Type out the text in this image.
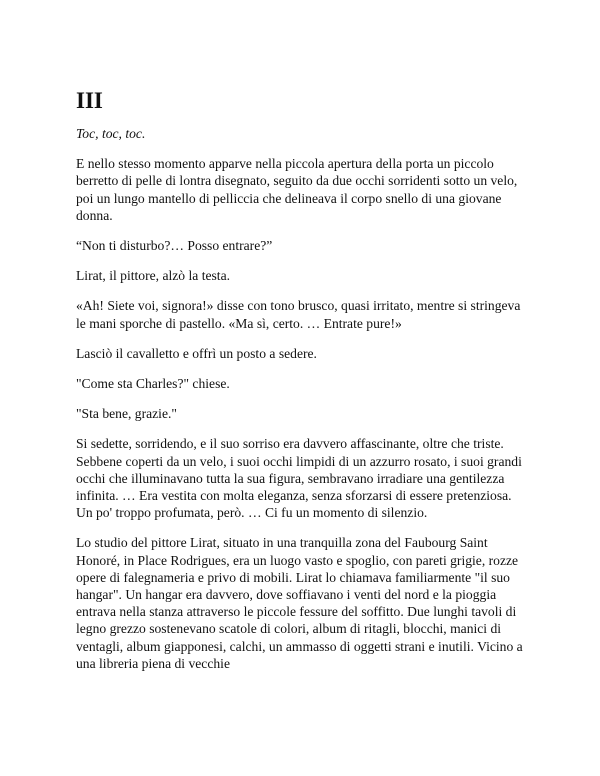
III

Toc, toc, toc.

E nello stesso momento apparve nella piccola apertura della porta un piccolo berretto di pelle di lontra disegnato, seguito da due occhi sorridenti sotto un velo, poi un lungo mantello di pelliccia che delineava il corpo snello di una giovane donna.

“Non ti disturbo?… Posso entrare?”

Lirat, il pittore, alzò la testa.

«Ah! Siete voi, signora!» disse con tono brusco, quasi irritato, mentre si stringeva le mani sporche di pastello. «Ma sì, certo. … Entrate pure!»

Lasciò il cavalletto e offrì un posto a sedere.

"Come sta Charles?" chiese.

"Sta bene, grazie."

Si sedette, sorridendo, e il suo sorriso era davvero affascinante, oltre che triste. Sebbene coperti da un velo, i suoi occhi limpidi di un azzurro rosato, i suoi grandi occhi che illuminavano tutta la sua figura, sembravano irradiare una gentilezza infinita. … Era vestita con molta eleganza, senza sforzarsi di essere pretenziosa. Un po' troppo profumata, però. … Ci fu un momento di silenzio.

Lo studio del pittore Lirat, situato in una tranquilla zona del Faubourg Saint Honoré, in Place Rodrigues, era un luogo vasto e spoglio, con pareti grigie, rozze opere di falegnameria e privo di mobili. Lirat lo chiamava familiarmente "il suo hangar". Un hangar era davvero, dove soffiavano i venti del nord e la pioggia entrava nella stanza attraverso le piccole fessure del soffitto. Due lunghi tavoli di legno grezzo sostenevano scatole di colori, album di ritagli, blocchi, manici di ventagli, album giapponesi, calchi, un ammasso di oggetti strani e inutili. Vicino a una libreria piena di vecchie
